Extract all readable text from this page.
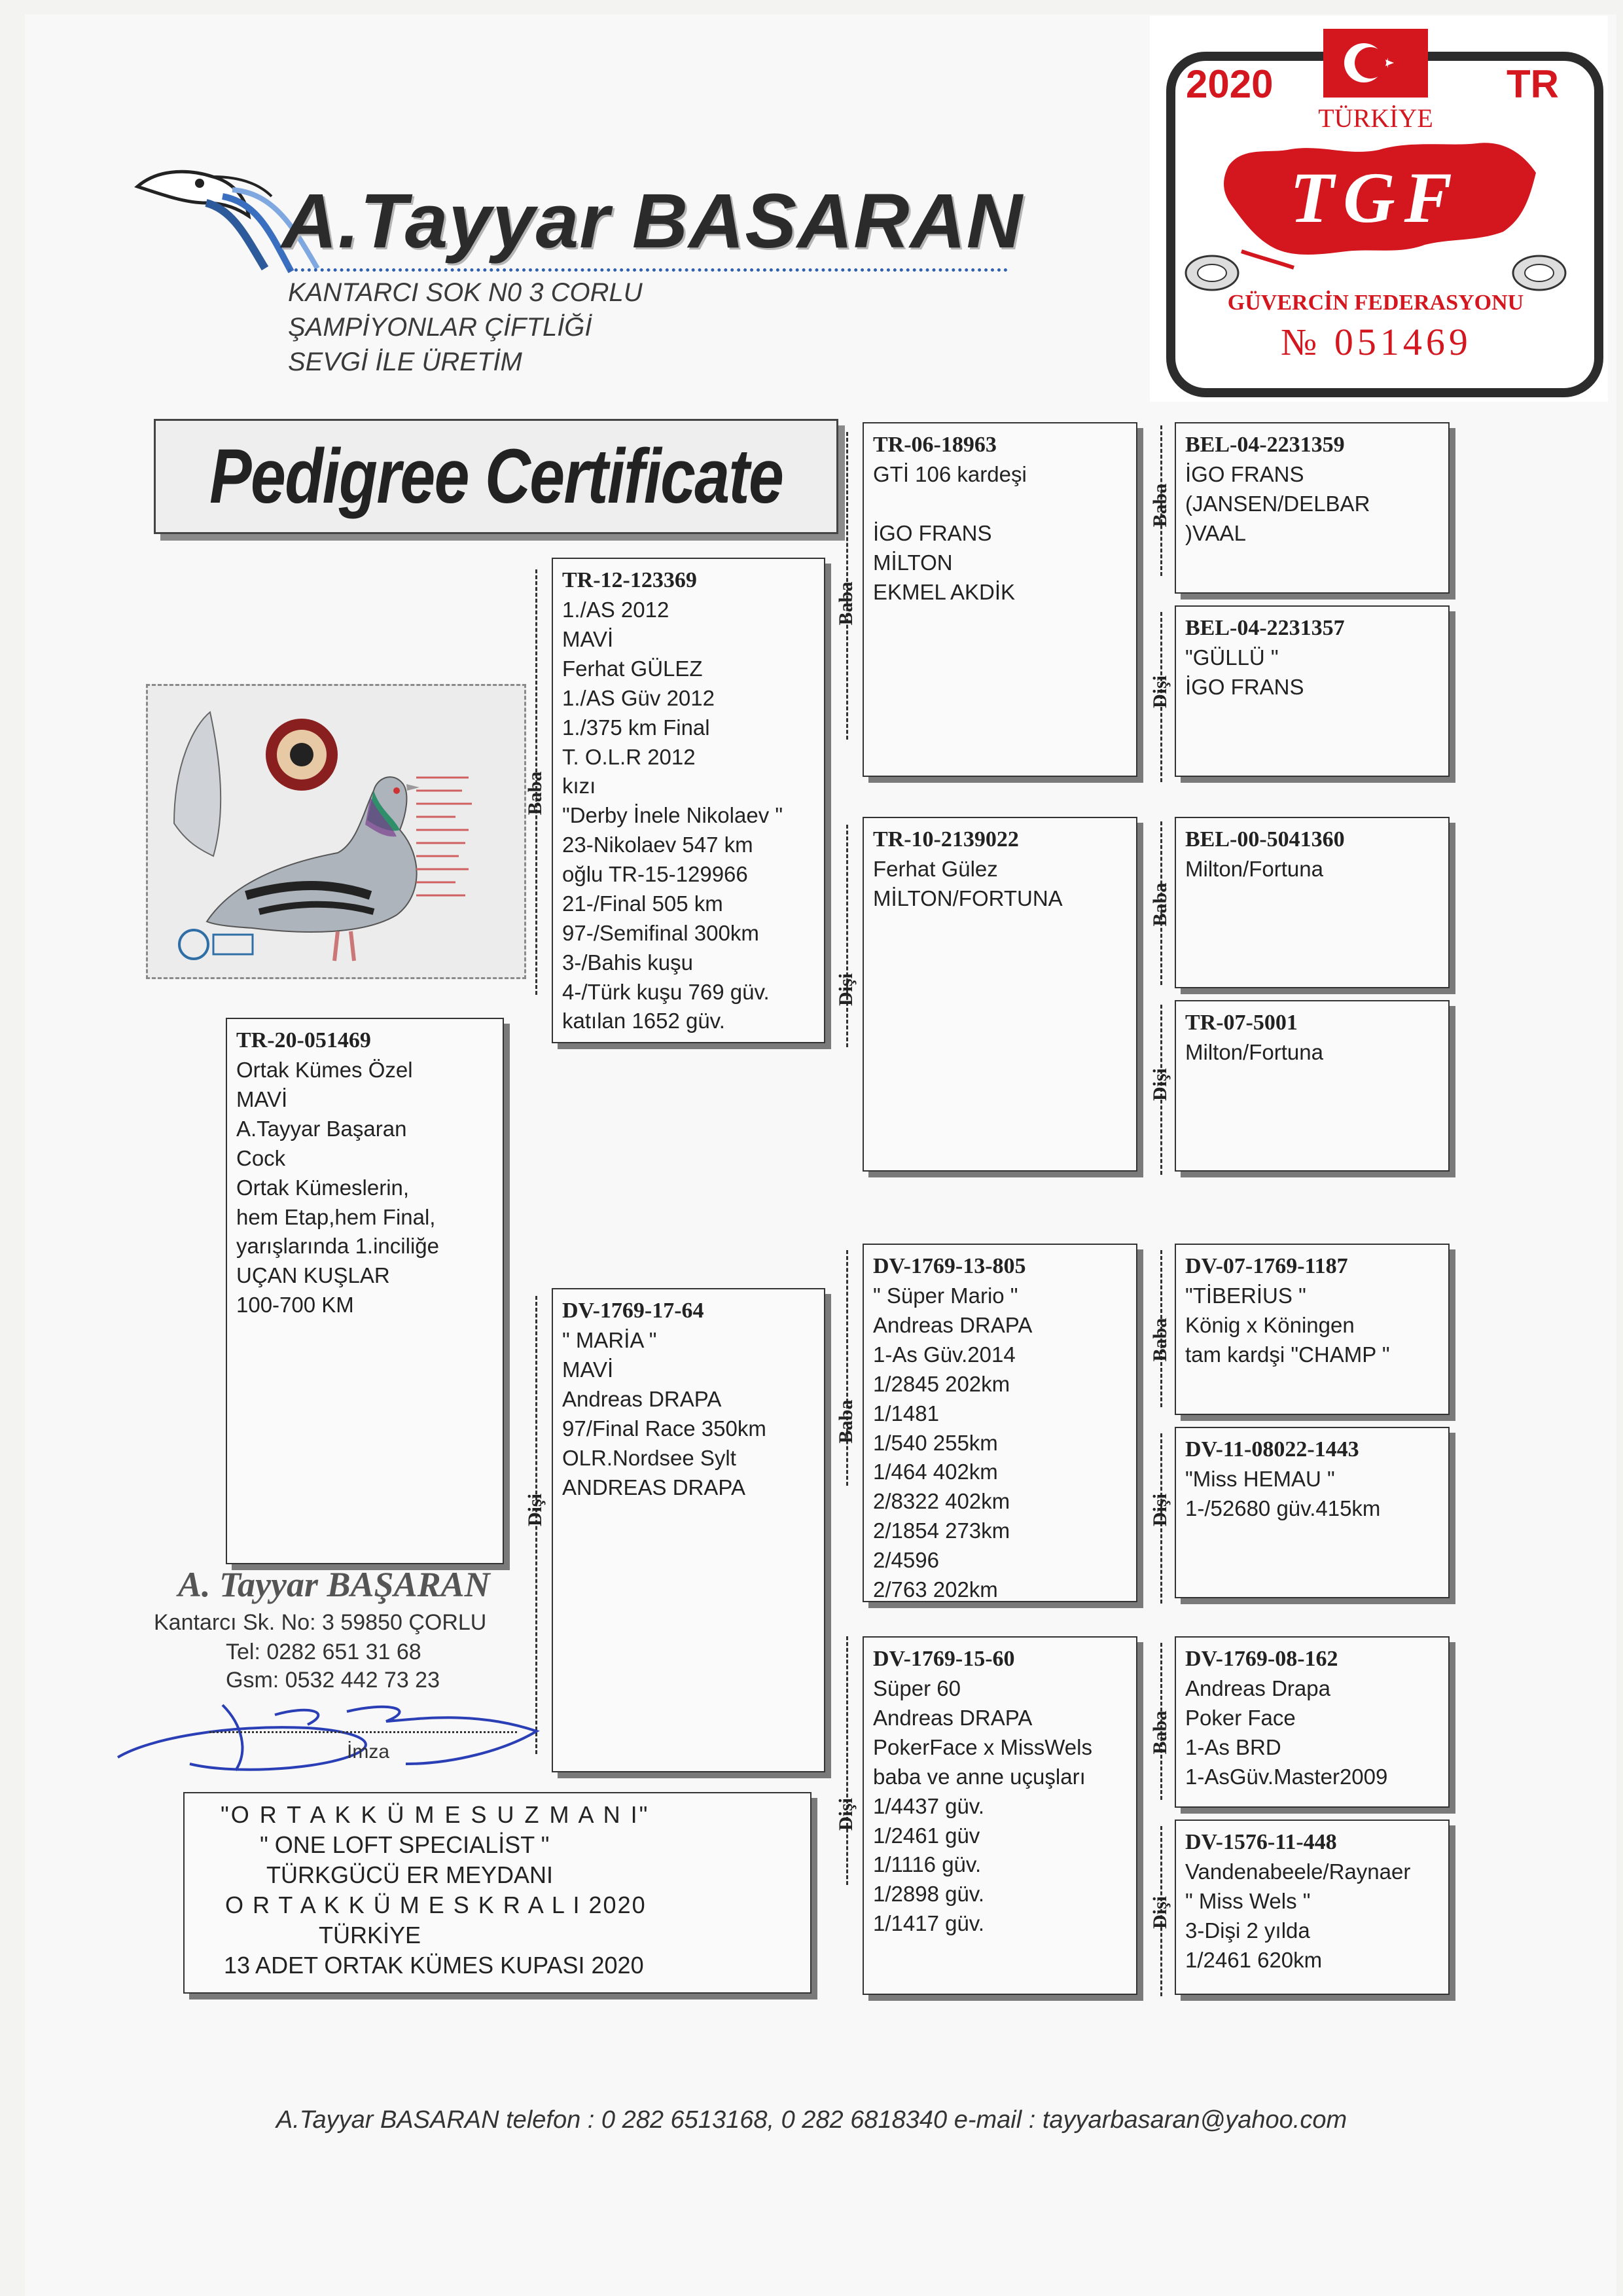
A.Tayyar BASARAN
KANTARCI SOK N0 3 CORLU
ŞAMPİYONLAR ÇİFTLİĞİ
SEVGİ İLE ÜRETİM
2020	TR
TÜRKİYE
TGF
GÜVERCİN FEDERASYONU
№ 051469
Pedigree Certificate
TR-20-051469
Ortak Kümes Özel
MAVİ
A.Tayyar Başaran
Cock
Ortak Kümeslerin,
hem Etap,hem Final,
yarışlarında 1.inciliğe
UÇAN KUŞLAR
100-700 KM
Baba
Dişi
TR-12-123369
1./AS 2012
MAVİ
Ferhat GÜLEZ
1./AS Güv 2012
1./375 km Final
T. O.L.R 2012
kızı
"Derby İnele Nikolaev "
23-Nikolaev 547 km
oğlu TR-15-129966
21-/Final 505 km
97-/Semifinal 300km
3-/Bahis kuşu
4-/Türk kuşu 769 güv.
katılan 1652 güv.
DV-1769-17-64
" MARİA "
MAVİ
Andreas DRAPA
97/Final Race 350km
OLR.Nordsee Sylt
ANDREAS DRAPA
Baba
Dişi
Baba
Dişi
TR-06-18963
GTİ 106 kardeşi

İGO FRANS
MİLTON
EKMEL AKDİK
TR-10-2139022
Ferhat Gülez
MİLTON/FORTUNA
DV-1769-13-805
" Süper Mario "
Andreas DRAPA
1-As Güv.2014
1/2845 202km
1/1481
1/540 255km
1/464 402km
2/8322 402km
2/1854 273km
2/4596
2/763 202km
DV-1769-15-60
Süper 60
Andreas DRAPA
PokerFace x MissWels
baba ve anne uçuşları
1/4437 güv.
1/2461 güv
1/1116 güv.
1/2898 güv.
1/1417 güv.
Baba
Dişi
Baba
Dişi
Baba
Dişi
Baba
Dişi
BEL-04-2231359
İGO FRANS
(JANSEN/DELBAR
)VAAL
BEL-04-2231357
"GÜLLÜ "
İGO FRANS
BEL-00-5041360
Milton/Fortuna
TR-07-5001
Milton/Fortuna
DV-07-1769-1187
"TİBERİUS "
König x Köningen
tam kardşi "CHAMP "
DV-11-08022-1443
"Miss HEMAU "
1-/52680 güv.415km
DV-1769-08-162
Andreas Drapa
Poker Face
1-As BRD
1-AsGüv.Master2009
DV-1576-11-448
Vandenabeele/Raynaer
" Miss Wels "
3-Dişi 2 yılda
1/2461 620km
A. Tayyar BAŞARAN
Kantarcı Sk. No: 3 59850 ÇORLU
Tel: 0282 651 31 68
Gsm: 0532 442 73 23
İmza
"O R T A K K Ü M E S U Z M A N I"
" ONE LOFT SPECIALİST "
TÜRKGÜCÜ ER MEYDANI
O R T A K K Ü M E S K R A L I 2020
TÜRKİYE
13 ADET ORTAK KÜMES KUPASI 2020
A.Tayyar BASARAN telefon : 0 282 6513168, 0 282 6818340 e-mail : tayyarbasaran@yahoo.com
